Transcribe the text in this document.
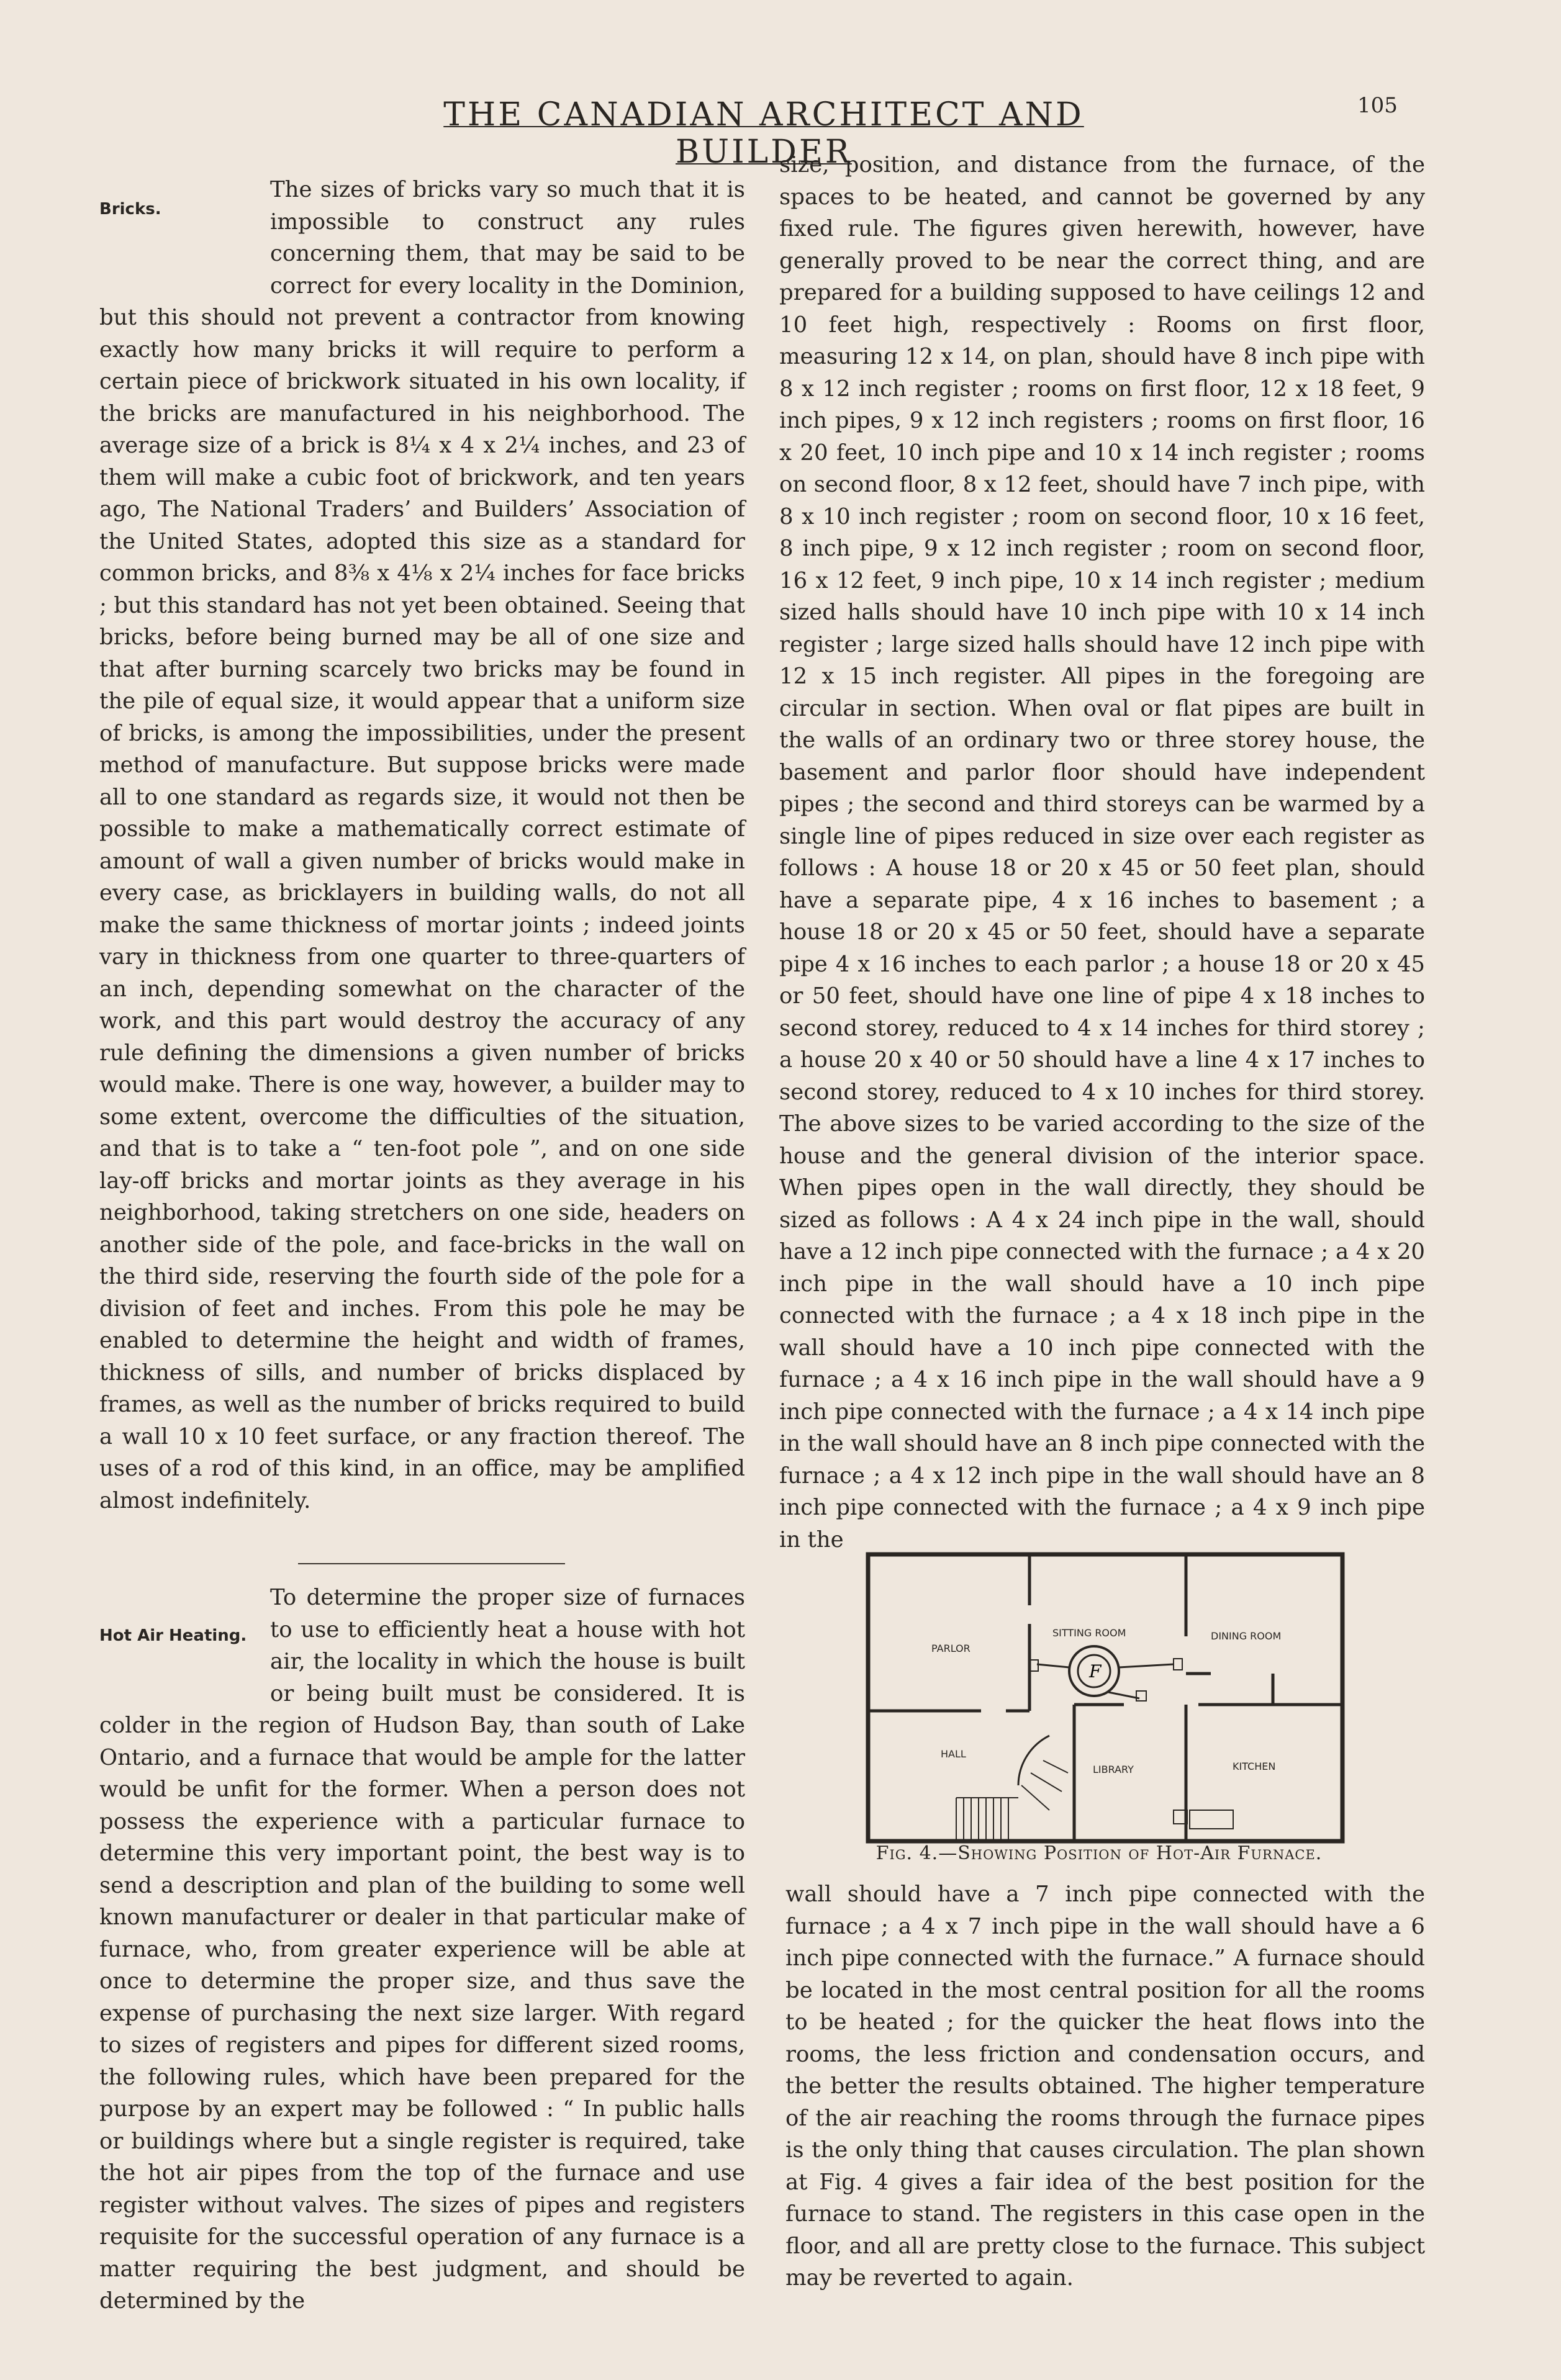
105
THE CANADIAN ARCHITECT AND BUILDER
Bricks.

The sizes of bricks vary so much that it is impossible to construct any rules concerning them, that may be said to be correct for every locality in the Dominion, but this should not prevent a contractor from knowing exactly how many bricks it will require to perform a certain piece of brickwork situated in his own locality, if the bricks are manufactured in his neighborhood. The average size of a brick is 8¼ x 4 x 2¼ inches, and 23 of them will make a cubic foot of brickwork, and ten years ago, The National Traders’ and Builders’ Association of the United States, adopted this size as a standard for common bricks, and 8⅜ x 4⅛ x 2¼ inches for face bricks ; but this standard has not yet been obtained. Seeing that bricks, before being burned may be all of one size and that after burning scarcely two bricks may be found in the pile of equal size, it would appear that a uniform size of bricks, is among the impossibilities, under the present method of manufacture. But suppose bricks were made all to one standard as regards size, it would not then be possible to make a mathematically correct estimate of amount of wall a given number of bricks would make in every case, as bricklayers in building walls, do not all make the same thickness of mortar joints ; indeed joints vary in thickness from one quarter to three-quarters of an inch, depending somewhat on the character of the work, and this part would destroy the accuracy of any rule defining the dimensions a given number of bricks would make. There is one way, however, a builder may to some extent, overcome the difficulties of the situation, and that is to take a “ ten-foot pole ”, and on one side lay-off bricks and mortar joints as they average in his neighborhood, taking stretchers on one side, headers on another side of the pole, and face-bricks in the wall on the third side, reserving the fourth side of the pole for a division of feet and inches. From this pole he may be enabled to determine the height and width of frames, thickness of sills, and number of bricks displaced by frames, as well as the number of bricks required to build a wall 10 x 10 feet surface, or any fraction thereof. The uses of a rod of this kind, in an office, may be amplified almost indefinitely.

Hot Air Heating.

To determine the proper size of furnaces to use to efficiently heat a house with hot air, the locality in which the house is built or being built must be considered. It is colder in the region of Hudson Bay, than south of Lake Ontario, and a furnace that would be ample for the latter would be unfit for the former. When a person does not possess the experience with a particular furnace to determine this very important point, the best way is to send a description and plan of the building to some well known manufacturer or dealer in that particular make of furnace, who, from greater experience will be able at once to determine the proper size, and thus save the expense of purchasing the next size larger. With regard to sizes of registers and pipes for different sized rooms, the following rules, which have been prepared for the purpose by an expert may be followed : “ In public halls or buildings where but a single register is required, take the hot air pipes from the top of the furnace and use register without valves. The sizes of pipes and registers requisite for the successful operation of any furnace is a matter requiring the best judgment, and should be determined by the

size, position, and distance from the furnace, of the spaces to be heated, and cannot be governed by any fixed rule. The figures given herewith, however, have generally proved to be near the correct thing, and are prepared for a building supposed to have ceilings 12 and 10 feet high, respectively : Rooms on first floor, measuring 12 x 14, on plan, should have 8 inch pipe with 8 x 12 inch register ; rooms on first floor, 12 x 18 feet, 9 inch pipes, 9 x 12 inch registers ; rooms on first floor, 16 x 20 feet, 10 inch pipe and 10 x 14 inch register ; rooms on second floor, 8 x 12 feet, should have 7 inch pipe, with 8 x 10 inch register ; room on second floor, 10 x 16 feet, 8 inch pipe, 9 x 12 inch register ; room on second floor, 16 x 12 feet, 9 inch pipe, 10 x 14 inch register ; medium sized halls should have 10 inch pipe with 10 x 14 inch register ; large sized halls should have 12 inch pipe with 12 x 15 inch register. All pipes in the foregoing are circular in section. When oval or flat pipes are built in the walls of an ordinary two or three storey house, the basement and parlor floor should have independent pipes ; the second and third storeys can be warmed by a single line of pipes reduced in size over each register as follows : A house 18 or 20 x 45 or 50 feet plan, should have a separate pipe, 4 x 16 inches to basement ; a house 18 or 20 x 45 or 50 feet, should have a separate pipe 4 x 16 inches to each parlor ; a house 18 or 20 x 45 or 50 feet, should have one line of pipe 4 x 18 inches to second storey, reduced to 4 x 14 inches for third storey ; a house 20 x 40 or 50 should have a line 4 x 17 inches to second storey, reduced to 4 x 10 inches for third storey. The above sizes to be varied according to the size of the house and the general division of the interior space. When pipes open in the wall directly, they should be sized as follows : A 4 x 24 inch pipe in the wall, should have a 12 inch pipe connected with the furnace ; a 4 x 20 inch pipe in the wall should have a 10 inch pipe connected with the furnace ; a 4 x 18 inch pipe in the wall should have a 10 inch pipe connected with the furnace ; a 4 x 16 inch pipe in the wall should have a 9 inch pipe connected with the furnace ; a 4 x 14 inch pipe in the wall should have an 8 inch pipe connected with the furnace ; a 4 x 12 inch pipe in the wall should have an 8 inch pipe connected with the furnace ; a 4 x 9 inch pipe in the

F
PARLOR
SITTING ROOM	DINING ROOM
HALL
LIBRARY	KITCHEN
Fig. 4.—Showing Position of Hot-Air Furnace.

wall should have a 7 inch pipe connected with the furnace ; a 4 x 7 inch pipe in the wall should have a 6 inch pipe connected with the furnace.” A furnace should be located in the most central position for all the rooms to be heated ; for the quicker the heat flows into the rooms, the less friction and condensation occurs, and the better the results obtained. The higher temperature of the air reaching the rooms through the furnace pipes is the only thing that causes circulation. The plan shown at Fig. 4 gives a fair idea of the best position for the furnace to stand. The registers in this case open in the floor, and all are pretty close to the furnace. This subject may be reverted to again.
